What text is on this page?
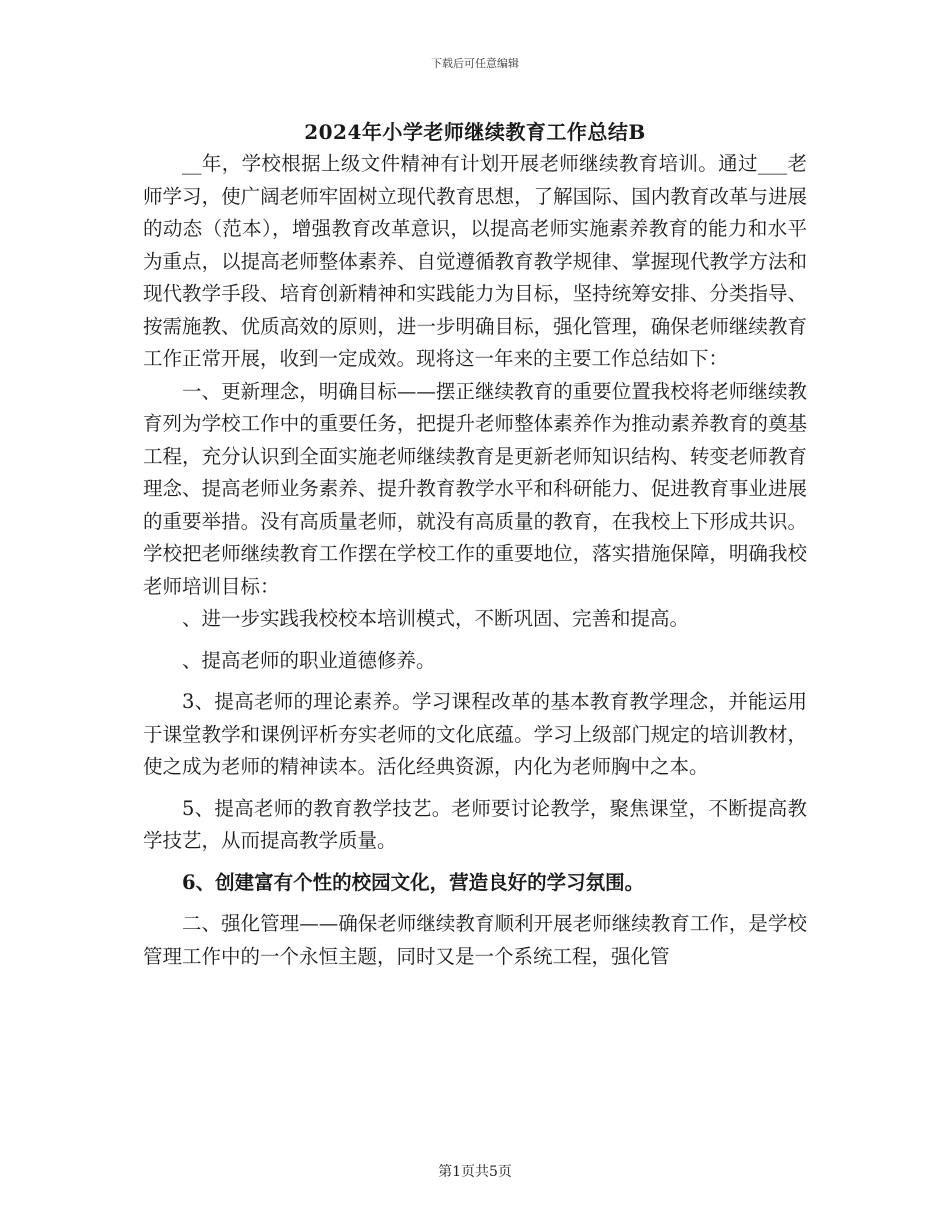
下载后可任意编辑
2024年小学老师继续教育工作总结B

__年，学校根据上级文件精神有计划开展老师继续教育培训。通过___老师学习，使广阔老师牢固树立现代教育思想，了解国际、国内教育改革与进展的动态（范本），增强教育改革意识，以提高老师实施素养教育的能力和水平为重点，以提高老师整体素养、自觉遵循教育教学规律、掌握现代教学方法和现代教学手段、培育创新精神和实践能力为目标，坚持统筹安排、分类指导、按需施教、优质高效的原则，进一步明确目标，强化管理，确保老师继续教育工作正常开展，收到一定成效。现将这一年来的主要工作总结如下：

一、更新理念，明确目标——摆正继续教育的重要位置我校将老师继续教育列为学校工作中的重要任务，把提升老师整体素养作为推动素养教育的奠基工程，充分认识到全面实施老师继续教育是更新老师知识结构、转变老师教育理念、提高老师业务素养、提升教育教学水平和科研能力、促进教育事业进展的重要举措。没有高质量老师，就没有高质量的教育，在我校上下形成共识。学校把老师继续教育工作摆在学校工作的重要地位，落实措施保障，明确我校老师培训目标：

、进一步实践我校校本培训模式，不断巩固、完善和提高。

、提高老师的职业道德修养。

3、提高老师的理论素养。学习课程改革的基本教育教学理念，并能运用于课堂教学和课例评析夯实老师的文化底蕴。学习上级部门规定的培训教材，使之成为老师的精神读本。活化经典资源，内化为老师胸中之本。

5、提高老师的教育教学技艺。老师要讨论教学，聚焦课堂，不断提高教学技艺，从而提高教学质量。

6、创建富有个性的校园文化，营造良好的学习氛围。

二、强化管理——确保老师继续教育顺利开展老师继续教育工作，是学校管理工作中的一个永恒主题，同时又是一个系统工程，强化管

第1页共5页
